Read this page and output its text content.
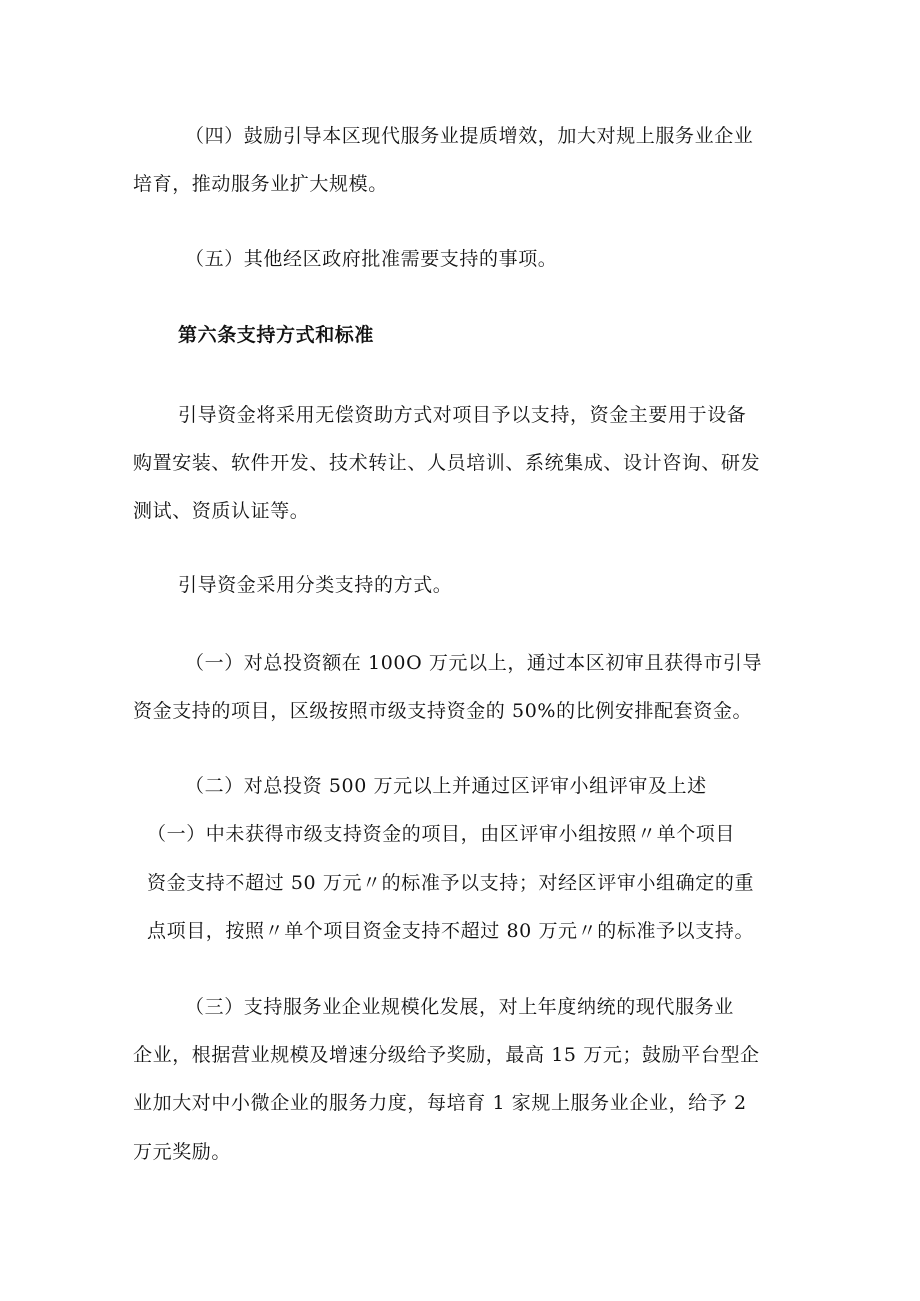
（四）鼓励引导本区现代服务业提质增效，加大对规上服务业企业
培育，推动服务业扩大规模。
（五）其他经区政府批准需要支持的事项。
第六条支持方式和标准
引导资金将采用无偿资助方式对项目予以支持，资金主要用于设备
购置安装、软件开发、技术转让、人员培训、系统集成、设计咨询、研发
测试、资质认证等。
引导资金采用分类支持的方式。
（一）对总投资额在 100O 万元以上，通过本区初审且获得市引导
资金支持的项目，区级按照市级支持资金的 50%的比例安排配套资金。
（二）对总投资 500 万元以上并通过区评审小组评审及上述
（一）中未获得市级支持资金的项目，由区评审小组按照〃单个项目
资金支持不超过 50 万元〃的标准予以支持；对经区评审小组确定的重
点项目，按照〃单个项目资金支持不超过 80 万元〃的标准予以支持。
（三）支持服务业企业规模化发展，对上年度纳统的现代服务业
企业，根据营业规模及增速分级给予奖励，最高 15 万元；鼓励平台型企
业加大对中小微企业的服务力度，每培育 1 家规上服务业企业，给予 2
万元奖励。
